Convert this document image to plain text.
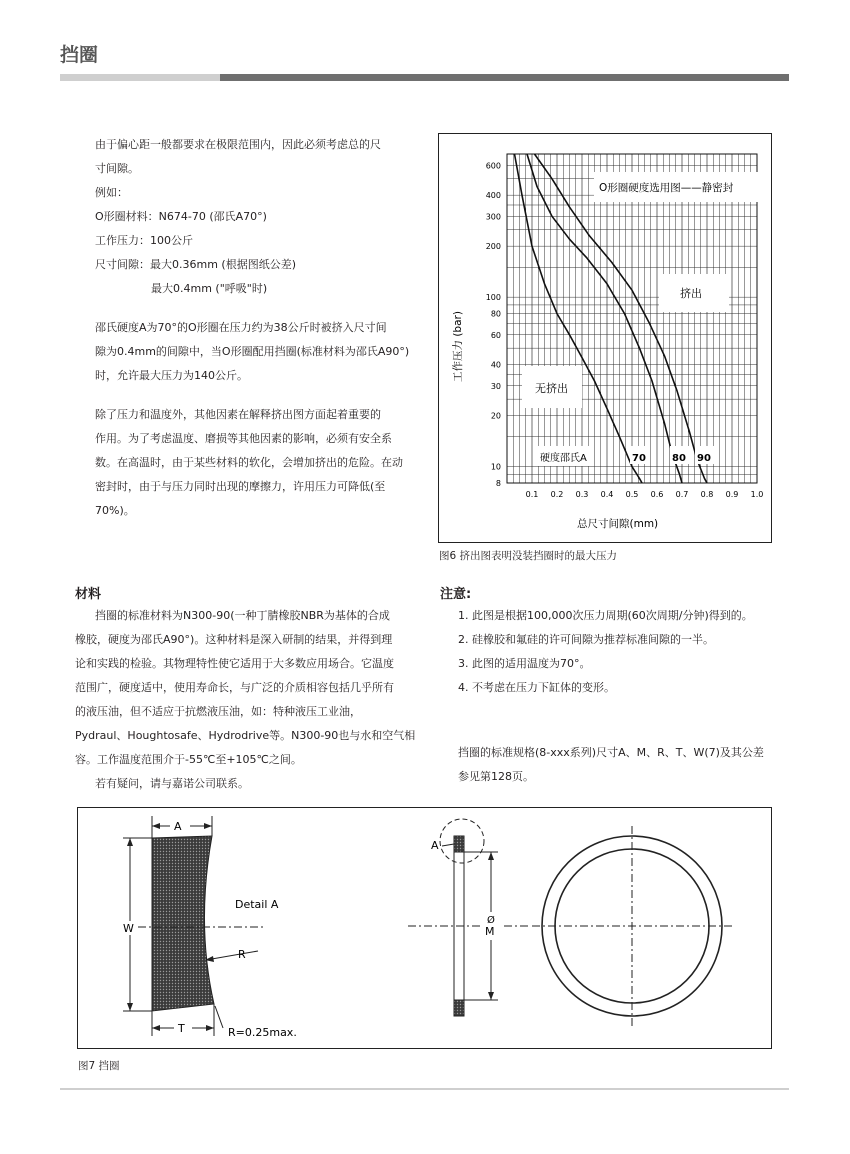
挡圈

由于偏心距一般都要求在极限范围内，因此必须考虑总的尺

寸间隙。

例如：

O形圈材料：N674-70 (邵氏A70°)

工作压力：100公斤

尺寸间隙：最大0.36mm (根据图纸公差)

最大0.4mm ("呼吸"时)

邵氏硬度A为70°的O形圈在压力约为38公斤时被挤入尺寸间

隙为0.4mm的间隙中，当O形圈配用挡圈(标准材料为邵氏A90°)

时，允许最大压力为140公斤。

除了压力和温度外，其他因素在解释挤出图方面起着重要的

作用。为了考虑温度、磨损等其他因素的影响，必须有安全系

数。在高温时，由于某些材料的软化，会增加挤出的危险。在动

密封时，由于与压力同时出现的摩擦力，许用压力可降低(至

70%)。

8
10
20
30
40
60
80
100
200
300
400
600
0.1 0.2 0.3 0.4 0.5 0.6 0.7 0.8 0.9 1.0
O形圈硬度选用图——静密封
挤出
无挤出
硬度邵氏A	70	80 90
总尺寸间隙(mm)
工作压力 (bar)
图6 挤出图表明没装挡圈时的最大压力
材料

挡圈的标准材料为N300-90(一种丁腈橡胶NBR为基体的合成

橡胶，硬度为邵氏A90°)。这种材料是深入研制的结果，并得到理

论和实践的检验。其物理特性使它适用于大多数应用场合。它温度

范围广，硬度适中，使用寿命长，与广泛的介质相容包括几乎所有

的液压油，但不适应于抗燃液压油，如：特种液压工业油，

Pydraul、Houghtosafe、Hydrodrive等。N300-90也与水和空气相

容。工作温度范围介于-55℃至+105℃之间。

若有疑问，请与嘉诺公司联系。

注意:

1. 此图是根据100,000次压力周期(60次周期/分钟)得到的。

2. 硅橡胶和氟硅的许可间隙为推荐标准间隙的一半。

3. 此图的适用温度为70°。

4. 不考虑在压力下缸体的变形。

挡圈的标准规格(8-xxx系列)尺寸A、M、R、T、W(7)及其公差

参见第128页。

A
W
T
R
R=0.25max.
Detail A
A
Ø
M
图7 挡圈
